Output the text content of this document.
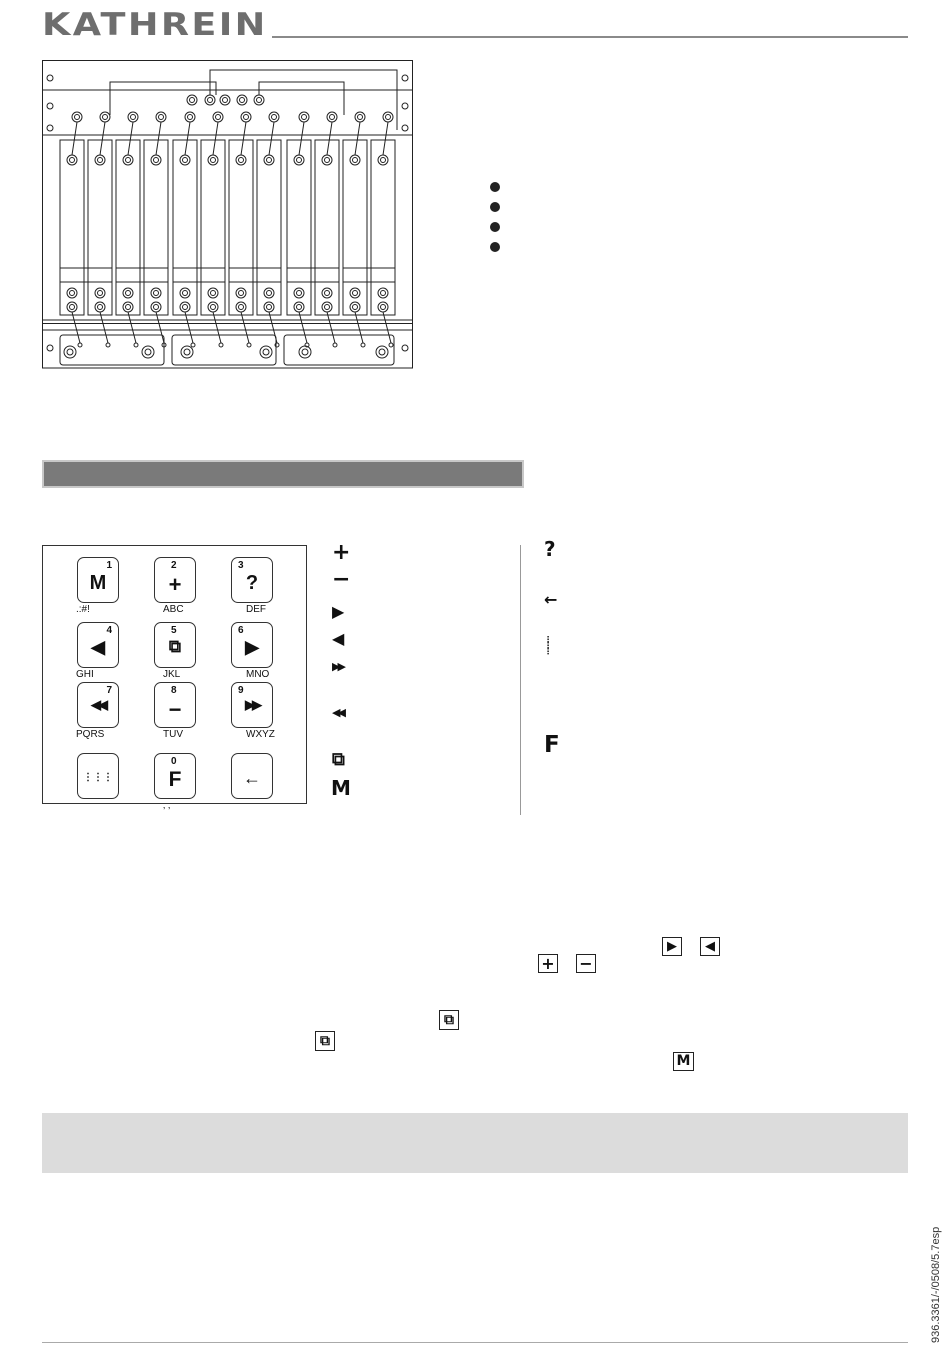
KATHREIN
1
M
.:#!
2
+
ABC
3
?
DEF
4
◀
GHI
5
⧉
JKL
6
▶
MNO
7
◀◀
PQRS
8
−
TUV
9
▶▶
WXYZ
⋮⋮⋮
0
F
‚ ‚
←
+
−
▶
◀
▶▶
◀◀
⧉
M
?
←
⋮⋮⋮
F
▶	◀
+ −
⧉
⧉
M
936.3361/-/0508/5.7esp
